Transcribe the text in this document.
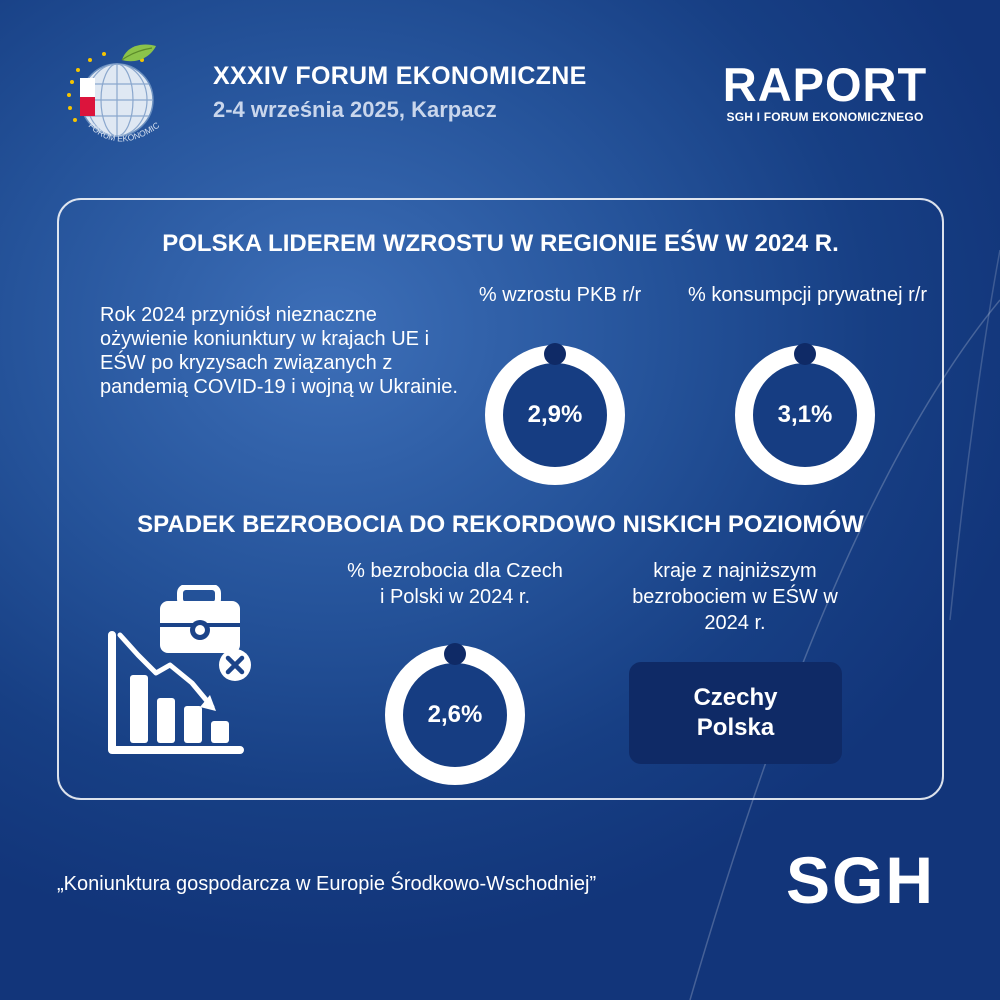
FORUM EKONOMIC
XXXIV FORUM EKONOMICZNE
2-4 września 2025, Karpacz	RAPORT
SGH I FORUM EKONOMICZNEGO
POLSKA LIDEREM WZROSTU W REGIONIE EŚW W 2024 R.
Rok 2024 przyniósł nieznaczne ożywienie koniunktury w krajach UE i EŚW po kryzysach związanych z pandemią COVID-19 i wojną w Ukrainie.
% wzrostu PKB r/r	% konsumpcji prywatnej r/r
2,9%	3,1%
SPADEK BEZROBOCIA DO REKORDOWO NISKICH POZIOMÓW
% bezrobocia dla Czech i Polski w 2024 r.
2,6%
kraje z najniższym bezrobociem w EŚW w 2024 r.
Czechy
Polska
„Koniunktura gospodarcza w Europie Środkowo-Wschodniej”	SGH
